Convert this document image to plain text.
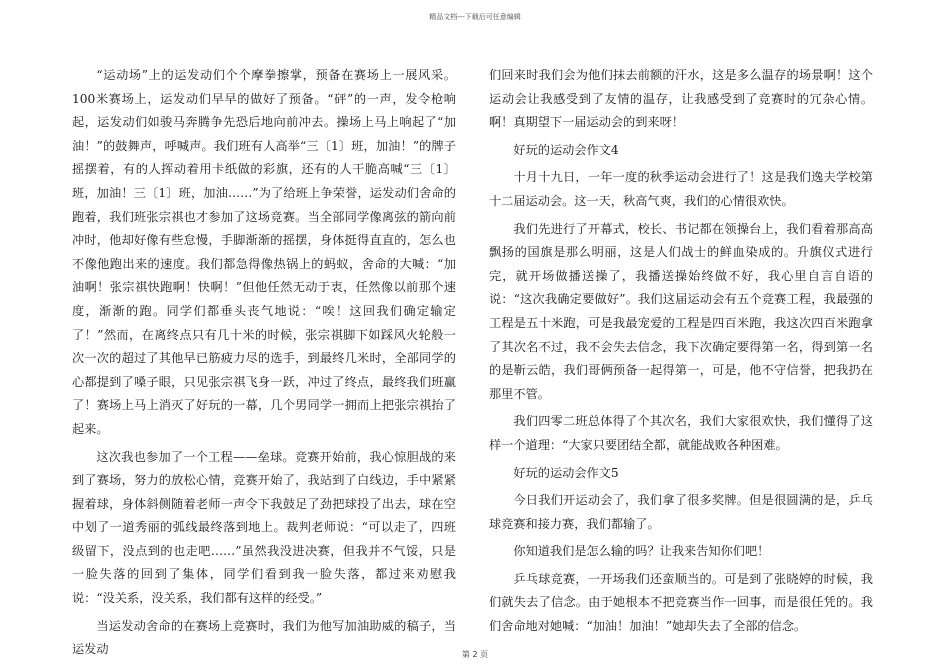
精品文档---下载后可任意编辑

“运动场”上的运发动们个个摩拳擦掌，预备在赛场上一展风采。100米赛场上，运发动们早早的做好了预备。“砰”的一声，发令枪响起，运发动们如骏马奔腾争先恐后地向前冲去。操场上马上响起了“加油！”的鼓舞声，呼喊声。我们班有人高举“三〔1〕班，加油！”的牌子摇摆着，有的人挥动着用卡纸做的彩旗，还有的人干脆高喊“三〔1〕班，加油！三〔1〕班，加油……”为了给班上争荣誉，运发动们舍命的跑着，我们班张宗祺也才参加了这场竞赛。当全部同学像离弦的箭向前冲时，他却好像有些怠慢，手脚渐渐的摇摆，身体挺得直直的，怎么也不像他跑出来的速度。我们都急得像热锅上的蚂蚁，舍命的大喊：“加油啊！张宗祺快跑啊！快啊！”但他任然无动于衷，任然像以前那个速度，渐渐的跑。同学们都垂头丧气地说：“唉！这回我们确定输定了！”然而，在离终点只有几十米的时候，张宗祺脚下如踩风火轮般一次一次的超过了其他早已筋疲力尽的选手，到最终几米时，全部同学的心都提到了嗓子眼，只见张宗祺飞身一跃，冲过了终点，最终我们班赢了！赛场上马上消灭了好玩的一幕，几个男同学一拥而上把张宗祺抬了起来。

这次我也参加了一个工程——垒球。竞赛开始前，我心惊胆战的来到了赛场，努力的放松心情，竞赛开始了，我站到了白线边，手中紧紧握着球，身体斜侧随着老师一声令下我鼓足了劲把球投了出去，球在空中划了一道秀丽的弧线最终落到地上。裁判老师说：“可以走了，四班级留下，没点到的也走吧……”虽然我没进决赛，但我并不气馁，只是一脸失落的回到了集体，同学们看到我一脸失落，都过来劝慰我说：“没关系，没关系，我们都有这样的经受。”

当运发动舍命的在赛场上竞赛时，我们为他写加油助威的稿子，当运发动

们回来时我们会为他们抹去前额的汗水，这是多么温存的场景啊！这个运动会让我感受到了友情的温存，让我感受到了竞赛时的冗杂心情。啊！真期望下一届运动会的到来呀！

好玩的运动会作文4

十月十九日，一年一度的秋季运动会进行了！这是我们逸夫学校第十二届运动会。这一天，秋高气爽，我们的心情很欢快。

我们先进行了开幕式，校长、书记都在领操台上，我们看着那高高飘扬的国旗是那么明丽，这是人们战士的鲜血染成的。升旗仪式进行完，就开场做播送操了，我播送操始终做不好，我心里自言自语的说：“这次我确定要做好”。我们这届运动会有五个竞赛工程，我最强的工程是五十米跑，可是我最宠爱的工程是四百米跑，我这次四百米跑拿了其次名不过，我不会失去信念，我下次确定要得第一名，得到第一名的是靳云皓，我们哥俩预备一起得第一，可是，他不守信誉，把我扔在那里不管。

我们四零二班总体得了个其次名，我们大家很欢快，我们懂得了这样一个道理：“大家只要团结全都，就能战败各种困难。

好玩的运动会作文5

今日我们开运动会了，我们拿了很多奖牌。但是很圆满的是，乒乓球竞赛和接力赛，我们都输了。

你知道我们是怎么输的吗？让我来告知你们吧！

乒乓球竞赛，一开场我们还蛮顺当的。可是到了张晓婷的时候，我们就失去了信念。由于她根本不把竞赛当作一回事，而是很任凭的。我们舍命地对她喊：“加油！加油！”她却失去了全部的信念。

第 2 页
